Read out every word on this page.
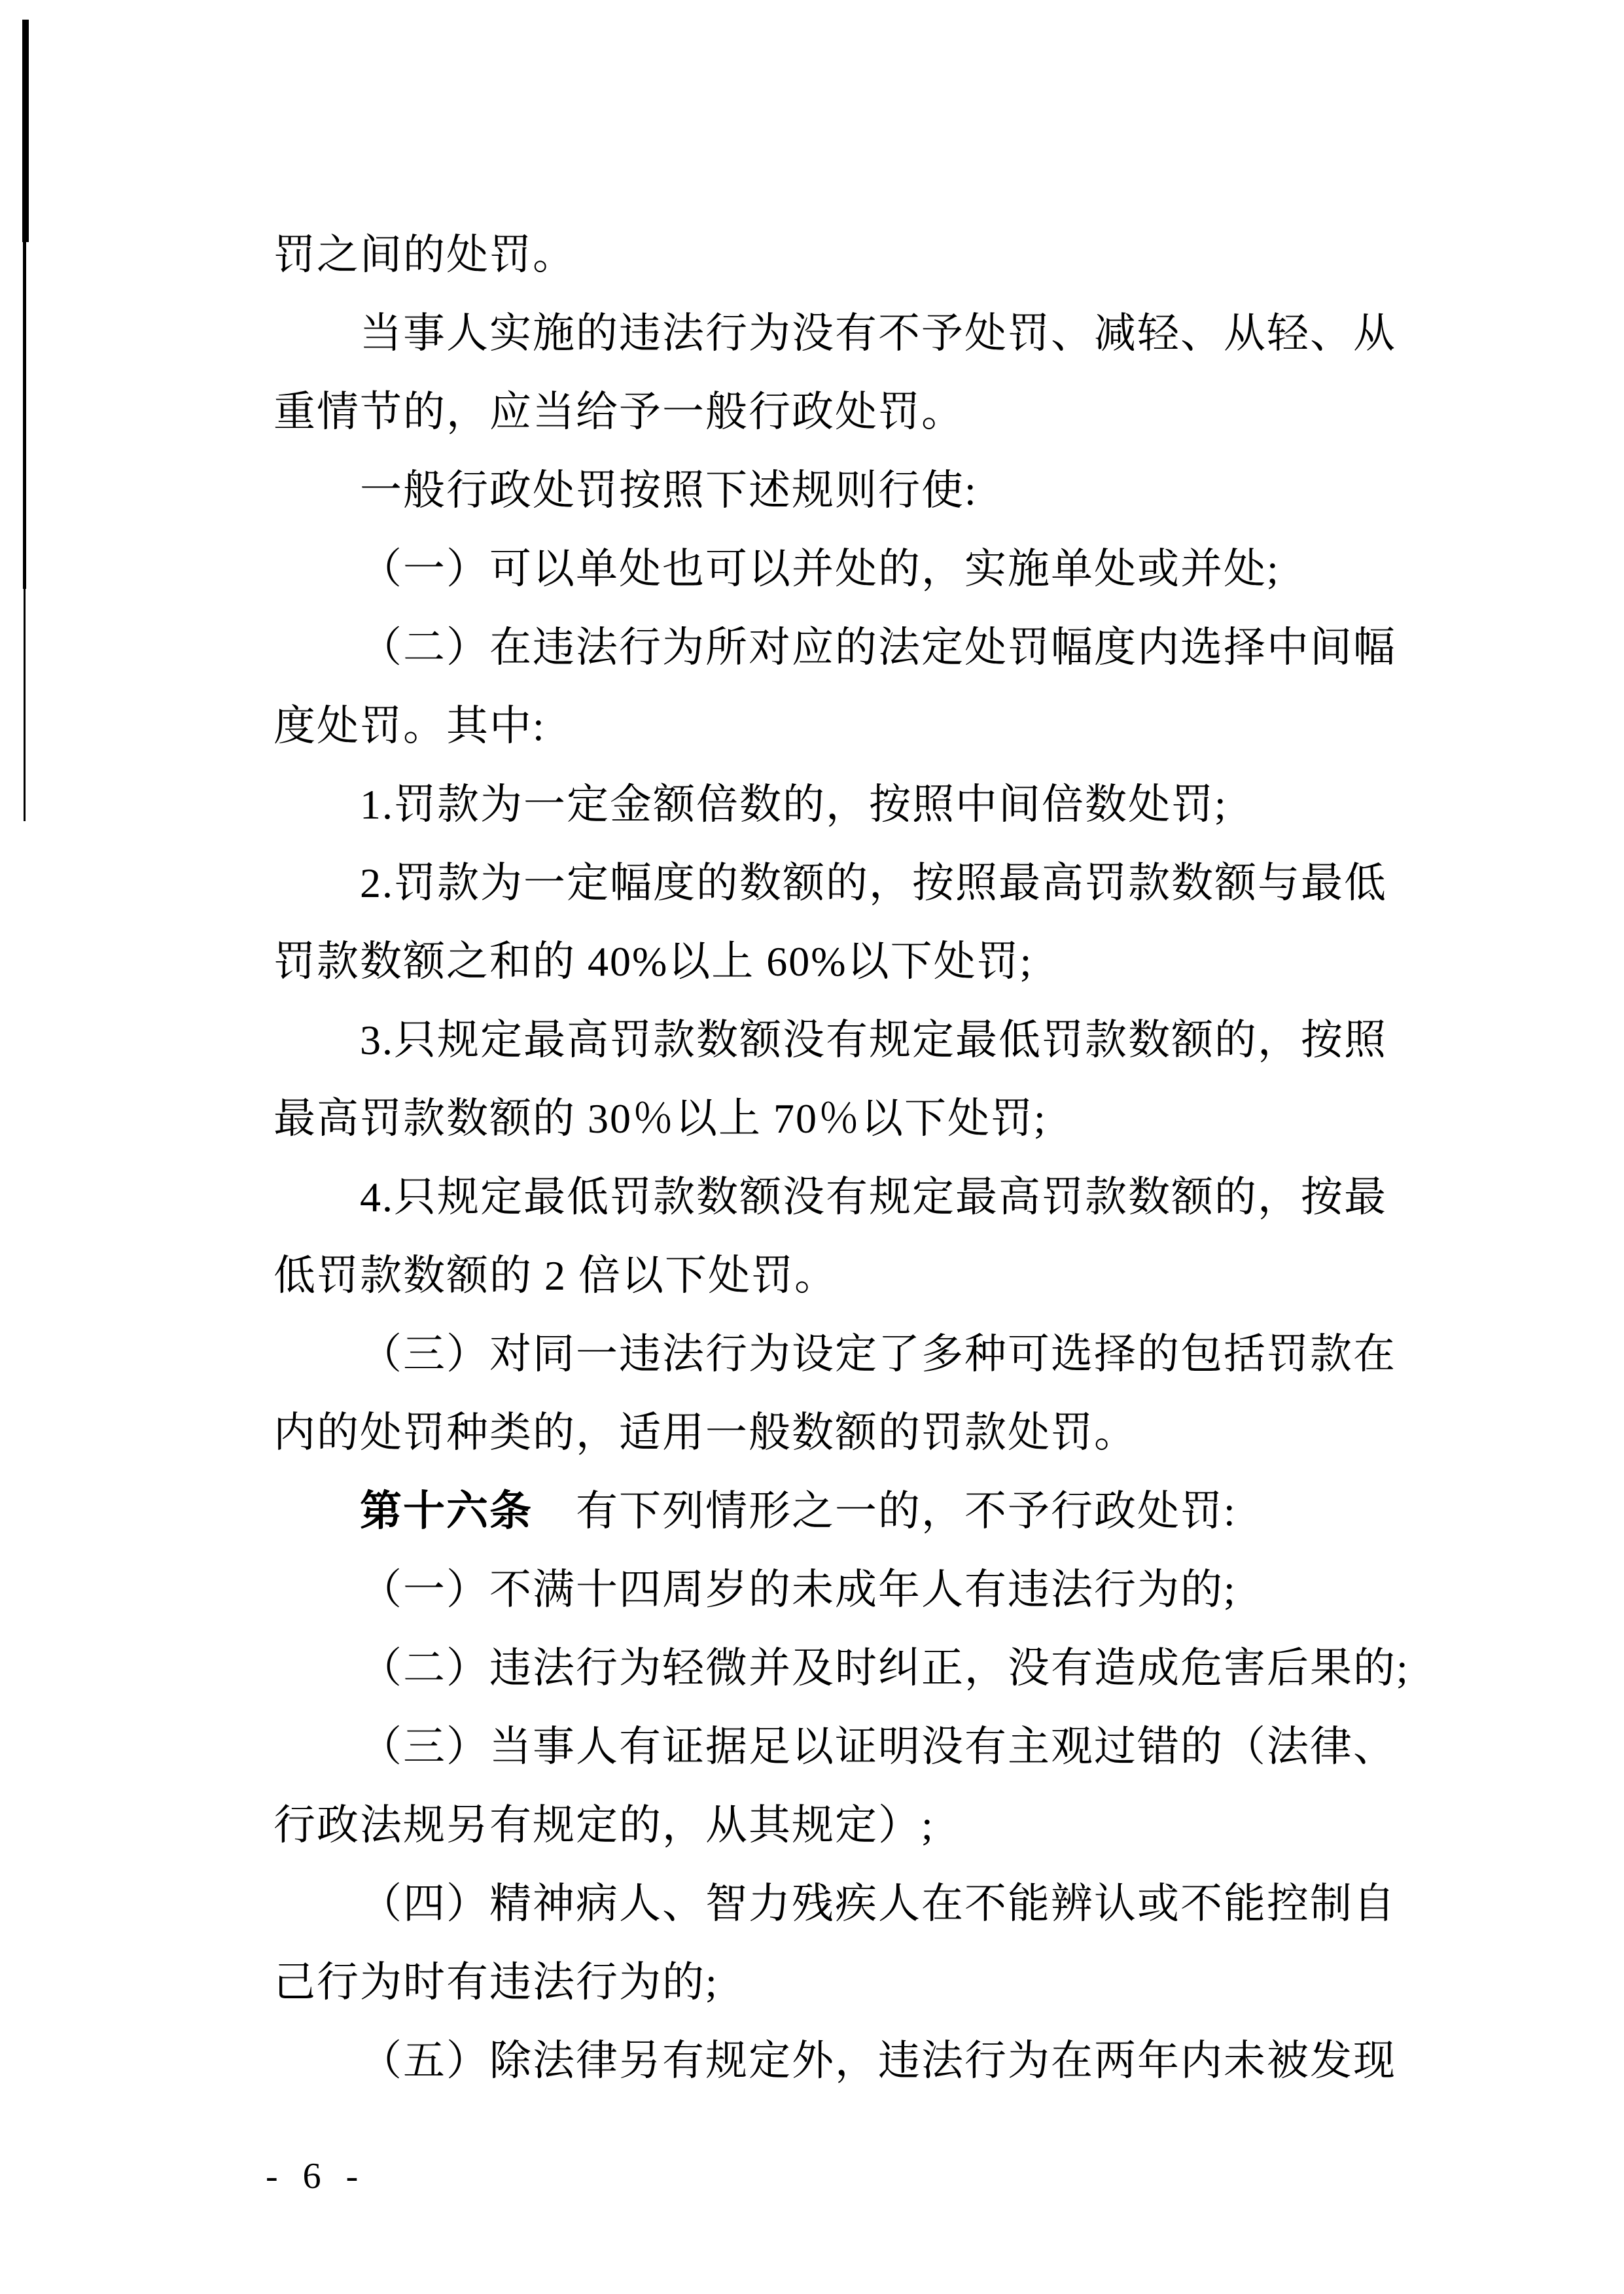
罚之间的处罚。

当事人实施的违法行为没有不予处罚、减轻、从轻、从

重情节的，应当给予一般行政处罚。

一般行政处罚按照下述规则行使:

（一）可以单处也可以并处的，实施单处或并处;

（二）在违法行为所对应的法定处罚幅度内选择中间幅

度处罚。其中:

1.罚款为一定金额倍数的，按照中间倍数处罚;

2.罚款为一定幅度的数额的，按照最高罚款数额与最低

罚款数额之和的 40%以上 60%以下处罚;

3.只规定最高罚款数额没有规定最低罚款数额的，按照

最高罚款数额的 30％以上 70％以下处罚;

4.只规定最低罚款数额没有规定最高罚款数额的，按最

低罚款数额的 2 倍以下处罚。

（三）对同一违法行为设定了多种可选择的包括罚款在

内的处罚种类的，适用一般数额的罚款处罚。

第十六条　有下列情形之一的，不予行政处罚:

（一）不满十四周岁的未成年人有违法行为的;

（二）违法行为轻微并及时纠正，没有造成危害后果的;

（三）当事人有证据足以证明没有主观过错的（法律、

行政法规另有规定的，从其规定）;

（四）精神病人、智力残疾人在不能辨认或不能控制自

己行为时有违法行为的;

（五）除法律另有规定外，违法行为在两年内未被发现

- 6 -
